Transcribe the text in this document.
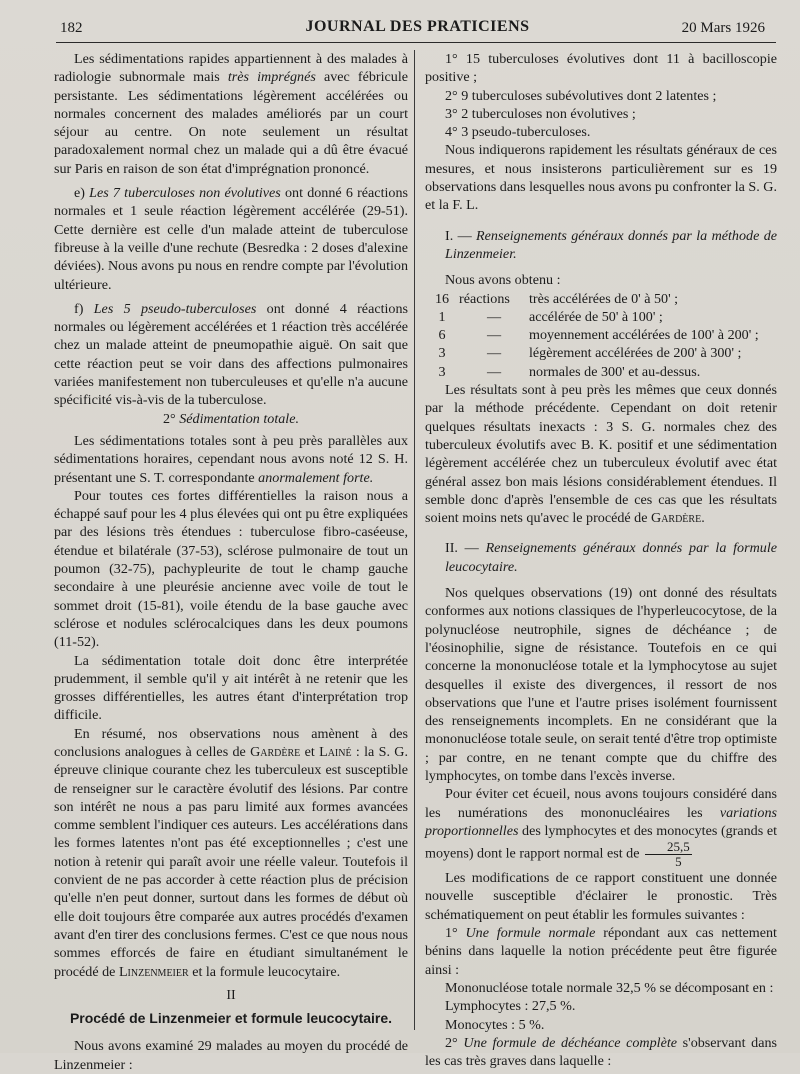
182	JOURNAL DES PRATICIENS	20 Mars 1926

Les sédimentations rapides appartiennent à des malades à radiologie subnormale mais très imprégnés avec fébricule persistante. Les sédimentations légèrement accélérées ou normales concernent des malades améliorés par un court séjour au centre. On note seulement un résultat paradoxalement normal chez un malade qui a dû être évacué sur Paris en raison de son état d'imprégnation prononcé.

e) Les 7 tuberculoses non évolutives ont donné 6 réactions normales et 1 seule réaction légèrement accélérée (29-51). Cette dernière est celle d'un malade atteint de tuberculose fibreuse à la veille d'une rechute (Besredka : 2 doses d'alexine déviées). Nous avons pu nous en rendre compte par l'évolution ultérieure.

f) Les 5 pseudo-tuberculoses ont donné 4 réactions normales ou légèrement accélérées et 1 réaction très accélérée chez un malade atteint de pneumopathie aiguë. On sait que cette réaction peut se voir dans des affections pulmonaires variées manifestement non tuberculeuses et qu'elle n'a aucune spécificité vis-à-vis de la tuberculose.

2° Sédimentation totale.

Les sédimentations totales sont à peu près parallèles aux sédimentations horaires, cependant nous avons noté 12 S. H. présentant une S. T. correspondante anormalement forte.

Pour toutes ces fortes différentielles la raison nous a échappé sauf pour les 4 plus élevées qui ont pu être expliquées par des lésions très étendues : tuberculose fibro-caséeuse, étendue et bilatérale (37-53), sclérose pulmonaire de tout un poumon (32-75), pachypleurite de tout le champ gauche secondaire à une pleurésie ancienne avec voile de tout le sommet droit (15-81), voile étendu de la base gauche avec sclérose et nodules sclérocalciques dans les deux poumons (11-52).

La sédimentation totale doit donc être interprétée prudemment, il semble qu'il y ait intérêt à ne retenir que les grosses différentielles, les autres étant d'interprétation trop difficile.

En résumé, nos observations nous amènent à des conclusions analogues à celles de Gardère et Lainé : la S. G. épreuve clinique courante chez les tuberculeux est susceptible de renseigner sur le caractère évolutif des lésions. Par contre son intérêt ne nous a pas paru limité aux formes avancées comme semblent l'indiquer ces auteurs. Les accélérations dans les formes latentes n'ont pas été exceptionnelles ; c'est une notion à retenir qui paraît avoir une réelle valeur. Toutefois il convient de ne pas accorder à cette réaction plus de précision qu'elle n'en peut donner, surtout dans les formes de début où elle doit toujours être comparée aux autres procédés d'examen avant d'en tirer des conclusions fermes. C'est ce que nous nous sommes efforcés de faire en étudiant simultanément le procédé de Linzenmeier et la formule leucocytaire.

II
Procédé de Linzenmeier et formule leucocytaire.

Nous avons examiné 29 malades au moyen du procédé de Linzenmeier :

1° 15 tuberculoses évolutives dont 11 à bacilloscopie positive ;

2° 9 tuberculoses subévolutives dont 2 latentes ;

3° 2 tuberculoses non évolutives ;

4° 3 pseudo-tuberculoses.

Nous indiquerons rapidement les résultats généraux de ces mesures, et nous insisterons particulièrement sur es 19 observations dans lesquelles nous avons pu confronter la S. G. et la F. L.

I. — Renseignements généraux donnés par la méthode de Linzenmeier.

Nous avons obtenu :

16 réactions	très accélérées de 0' à 50' ;
1	—	accélérée de 50' à 100' ;
6	—	moyennement accélérées de 100' à 200' ;
3	—	légèrement accélérées de 200' à 300' ;
3	—	normales de 300' et au-dessus.

Les résultats sont à peu près les mêmes que ceux donnés par la méthode précédente. Cependant on doit retenir quelques résultats inexacts : 3 S. G. normales chez des tuberculeux évolutifs avec B. K. positif et une sédimentation légèrement accélérée chez un tuberculeux évolutif avec état général assez bon mais lésions considérablement étendues. Il semble donc d'après l'ensemble de ces cas que les résultats soient moins nets qu'avec le procédé de Gardère.

II. — Renseignements généraux donnés par la formule leucocytaire.

Nos quelques observations (19) ont donné des résultats conformes aux notions classiques de l'hyperleucocytose, de la polynucléose neutrophile, signes de déchéance ; de l'éosinophilie, signe de résistance. Toutefois en ce qui concerne la mononucléose totale et la lymphocytose au sujet desquelles il existe des divergences, il ressort de nos observations que l'une et l'autre prises isolément fournissent des renseignements incomplets. En ne considérant que la mononucléose totale seule, on serait tenté d'être trop optimiste ; par contre, en ne tenant compte que du chiffre des lymphocytes, on tombe dans l'excès inverse.

Pour éviter cet écueil, nous avons toujours considéré dans les numérations des mononucléaires les variations proportionnelles des lymphocytes et des monocytes (grands et moyens) dont le rapport normal est de $\frac{25,5}{5}$

Les modifications de ce rapport constituent une donnée nouvelle susceptible d'éclairer le pronostic. Très schématiquement on peut établir les formules suivantes :

1° Une formule normale répondant aux cas nettement bénins dans laquelle la notion précédente peut être figurée ainsi :

Mononucléose totale normale 32,5 % se décomposant en :

Lymphocytes : 27,5 %.

Monocytes : 5 %.

2° Une formule de déchéance complète s'observant dans les cas très graves dans laquelle :
